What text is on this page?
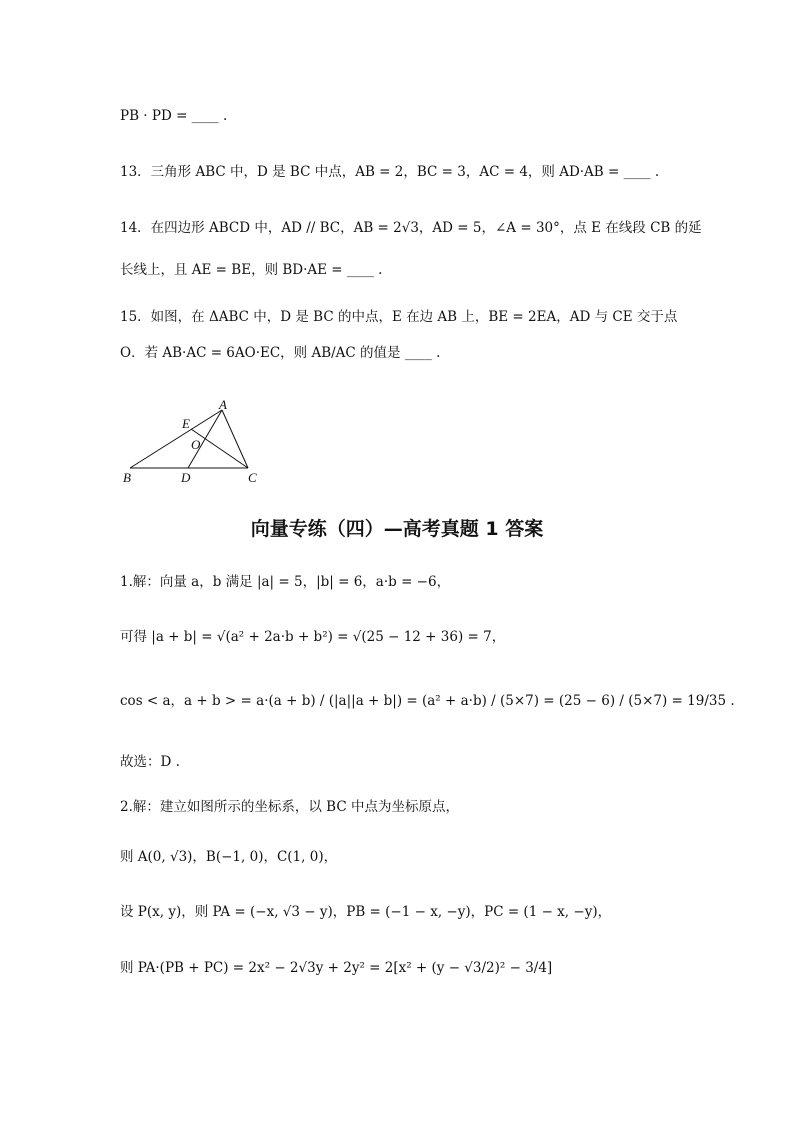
PB · PD = ____ .
13．三角形 ABC 中，D 是 BC 中点，AB = 2，BC = 3，AC = 4，则 AD·AB = ____ .
14．在四边形 ABCD 中，AD // BC，AB = 2√3，AD = 5，∠A = 30°，点 E 在线段 CB 的延
长线上，且 AE = BE，则 BD·AE = ____ .
15．如图，在 ΔABC 中，D 是 BC 的中点，E 在边 AB 上，BE = 2EA，AD 与 CE 交于点
O．若 AB·AC = 6AO·EC，则 AB/AC 的值是 ____ .
A
E
O
B	D	C
向量专练（四）—高考真题 1 答案
1.解：向量 a，b 满足 |a| = 5，|b| = 6，a·b = −6，
可得 |a + b| = √(a² + 2a·b + b²) = √(25 − 12 + 36) = 7，
cos < a，a + b > = a·(a + b) / (|a||a + b|) = (a² + a·b) / (5×7) = (25 − 6) / (5×7) = 19/35 .
故选：D .
2.解：建立如图所示的坐标系，以 BC 中点为坐标原点，
则 A(0, √3)，B(−1, 0)，C(1, 0)，
设 P(x, y)，则 PA = (−x, √3 − y)，PB = (−1 − x, −y)，PC = (1 − x, −y)，
则 PA·(PB + PC) = 2x² − 2√3y + 2y² = 2[x² + (y − √3/2)² − 3/4]
